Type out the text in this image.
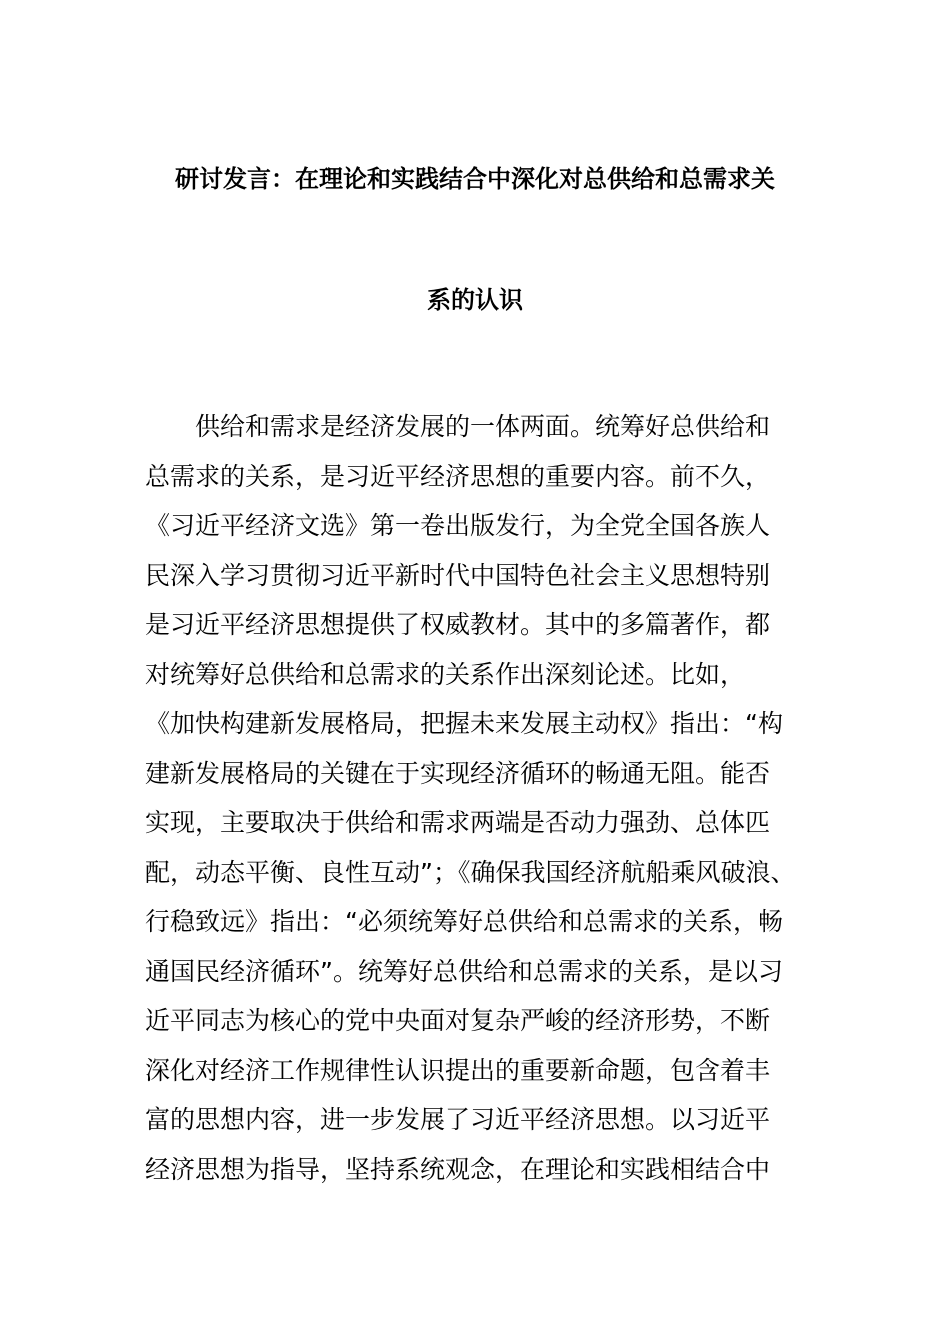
研讨发言：在理论和实践结合中深化对总供给和总需求关
系的认识
供给和需求是经济发展的一体两面。统筹好总供给和
总需求的关系，是习近平经济思想的重要内容。前不久，
《习近平经济文选》第一卷出版发行，为全党全国各族人
民深入学习贯彻习近平新时代中国特色社会主义思想特别
是习近平经济思想提供了权威教材。其中的多篇著作，都
对统筹好总供给和总需求的关系作出深刻论述。比如，
《加快构建新发展格局，把握未来发展主动权》指出：“构
建新发展格局的关键在于实现经济循环的畅通无阻。能否
实现，主要取决于供给和需求两端是否动力强劲、总体匹
配，动态平衡、良性互动”；《确保我国经济航船乘风破浪、
行稳致远》指出：“必须统筹好总供给和总需求的关系，畅
通国民经济循环”。统筹好总供给和总需求的关系，是以习
近平同志为核心的党中央面对复杂严峻的经济形势，不断
深化对经济工作规律性认识提出的重要新命题，包含着丰
富的思想内容，进一步发展了习近平经济思想。以习近平
经济思想为指导，坚持系统观念，在理论和实践相结合中
